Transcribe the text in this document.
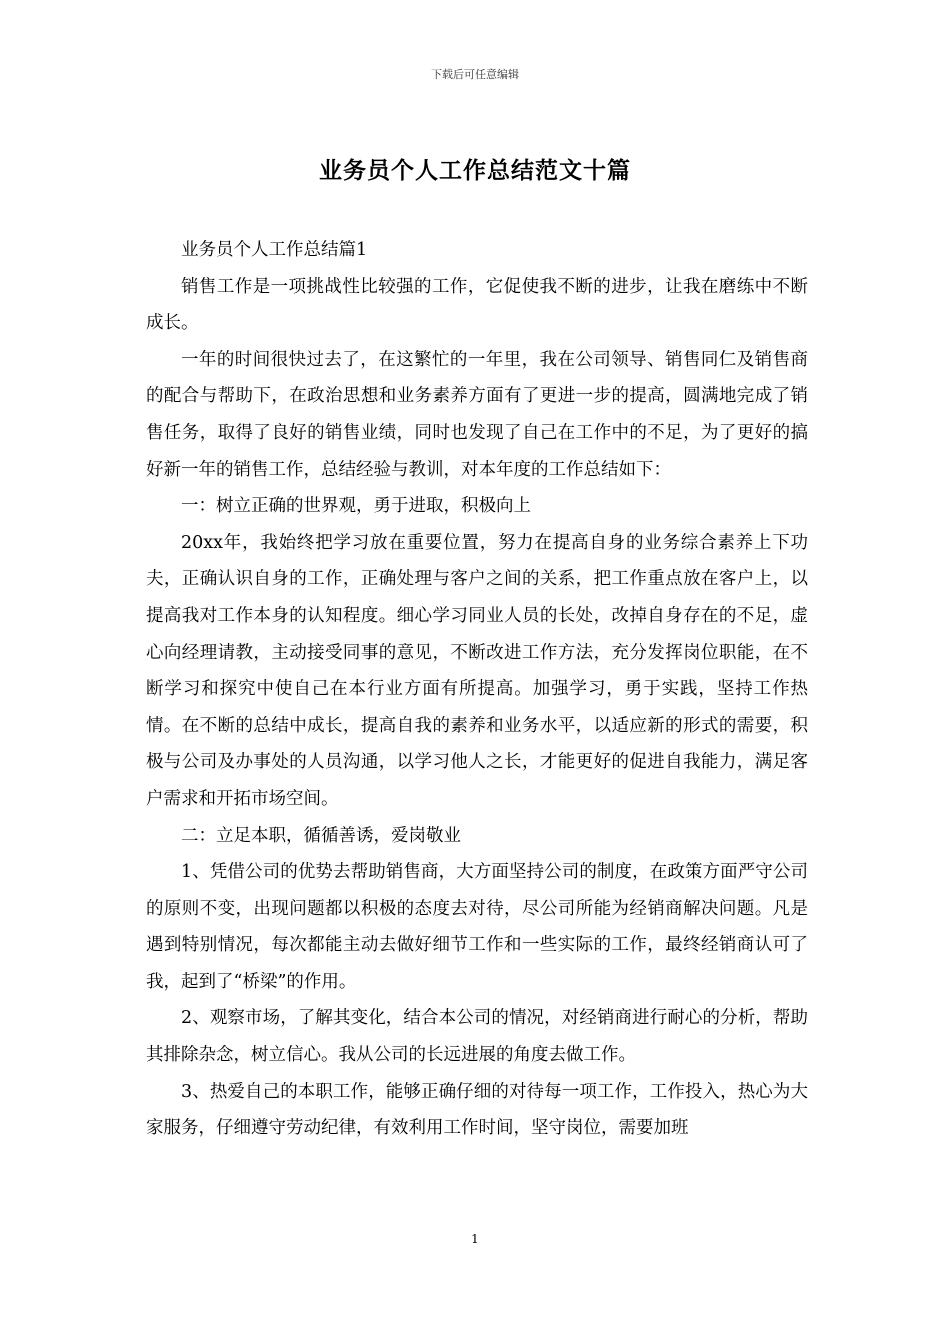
下载后可任意编辑
业务员个人工作总结范文十篇

业务员个人工作总结篇1

销售工作是一项挑战性比较强的工作，它促使我不断的进步，让我在磨练中不断成长。

一年的时间很快过去了，在这繁忙的一年里，我在公司领导、销售同仁及销售商的配合与帮助下，在政治思想和业务素养方面有了更进一步的提高，圆满地完成了销售任务，取得了良好的销售业绩，同时也发现了自己在工作中的不足，为了更好的搞好新一年的销售工作，总结经验与教训，对本年度的工作总结如下：

一：树立正确的世界观，勇于进取，积极向上

20xx年，我始终把学习放在重要位置，努力在提高自身的业务综合素养上下功夫，正确认识自身的工作，正确处理与客户之间的关系，把工作重点放在客户上，以提高我对工作本身的认知程度。细心学习同业人员的长处，改掉自身存在的不足，虚心向经理请教，主动接受同事的意见，不断改进工作方法，充分发挥岗位职能，在不断学习和探究中使自己在本行业方面有所提高。加强学习，勇于实践，坚持工作热情。在不断的总结中成长，提高自我的素养和业务水平，以适应新的形式的需要，积极与公司及办事处的人员沟通，以学习他人之长，才能更好的促进自我能力，满足客户需求和开拓市场空间。

二：立足本职，循循善诱，爱岗敬业

1、凭借公司的优势去帮助销售商，大方面坚持公司的制度，在政策方面严守公司的原则不变，出现问题都以积极的态度去对待，尽公司所能为经销商解决问题。凡是遇到特别情况，每次都能主动去做好细节工作和一些实际的工作，最终经销商认可了我，起到了“桥梁”的作用。

2、观察市场，了解其变化，结合本公司的情况，对经销商进行耐心的分析，帮助其排除杂念，树立信心。我从公司的长远进展的角度去做工作。

3、热爱自己的本职工作，能够正确仔细的对待每一项工作，工作投入，热心为大家服务，仔细遵守劳动纪律，有效利用工作时间，坚守岗位，需要加班

1
